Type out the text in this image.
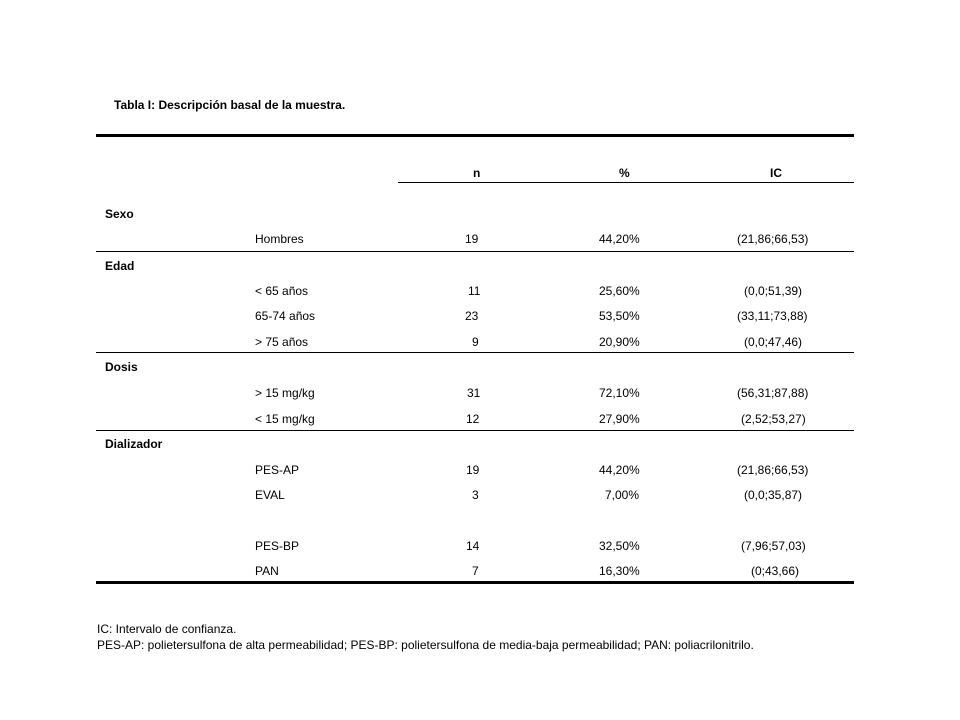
Tabla I: Descripción basal de la muestra.
n	%	IC
Sexo
Hombres	19	44,20%	(21,86;66,53)
Edad
< 65 años	11	25,60%	(0,0;51,39)
65-74 años	23	53,50%	(33,11;73,88)
> 75 años	9	20,90%	(0,0;47,46)
Dosis
> 15 mg/kg	31	72,10%	(56,31;87,88)
< 15 mg/kg	12	27,90%	(2,52;53,27)
Dializador
PES-AP	19	44,20%	(21,86;66,53)
EVAL	3	7,00%	(0,0;35,87)
PES-BP	14	32,50%	(7,96;57,03)
PAN	7	16,30%	(0;43,66)
IC: Intervalo de confianza.
PES-AP: polietersulfona de alta permeabilidad; PES-BP: polietersulfona de media-baja permeabilidad; PAN: poliacrilonitrilo.
